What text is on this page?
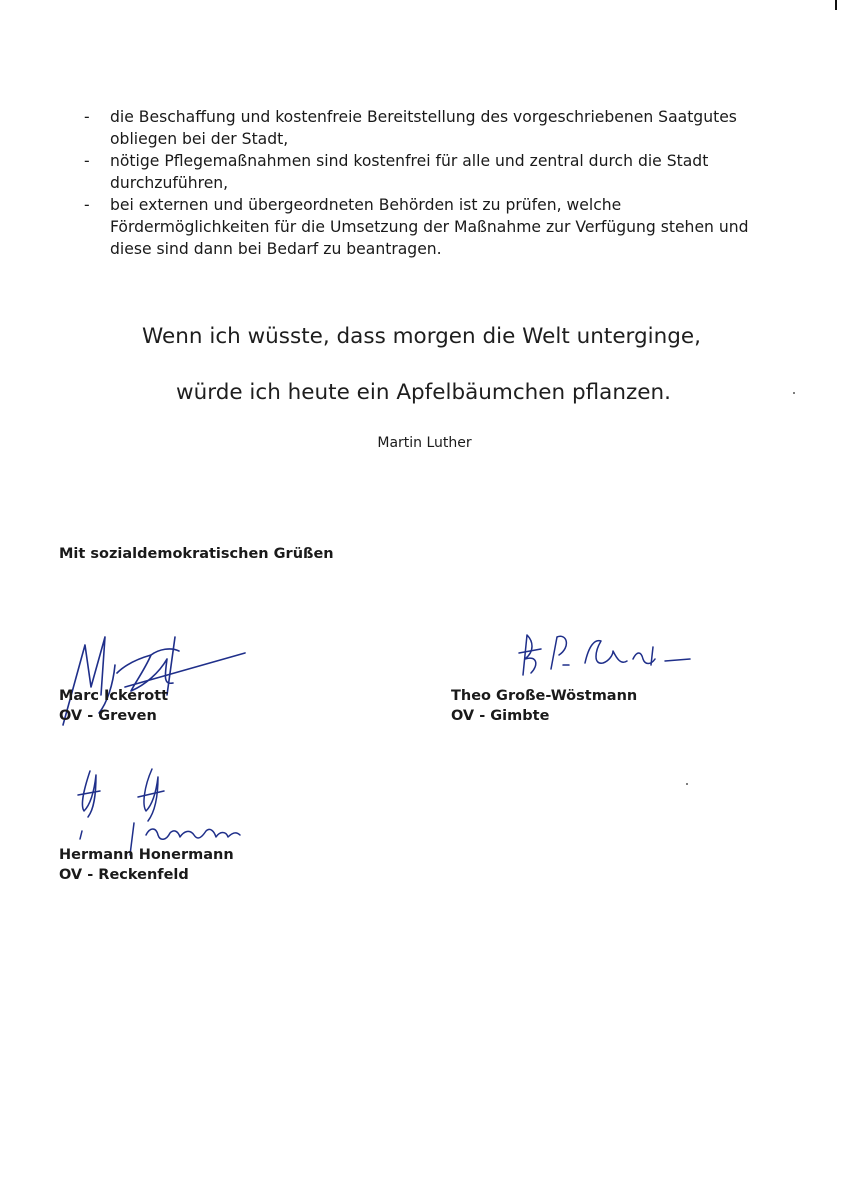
- die Beschaffung und kostenfreie Bereitstellung des vorgeschriebenen Saatgutes obliegen bei der Stadt,
- nötige Pflegemaßnahmen sind kostenfrei für alle und zentral durch die Stadt durchzuführen,
- bei externen und übergeordneten Behörden ist zu prüfen, welche Fördermöglichkeiten für die Umsetzung der Maßnahme zur Verfügung stehen und diese sind dann bei Bedarf zu beantragen.
Wenn ich wüsste, dass morgen die Welt unterginge,
würde ich heute ein Apfelbäumchen pflanzen.
Martin Luther
Mit sozialdemokratischen Grüßen
Marc Ickerott
OV - Greven
Theo Große-Wöstmann
OV - Gimbte
Hermann Honermann
OV - Reckenfeld
